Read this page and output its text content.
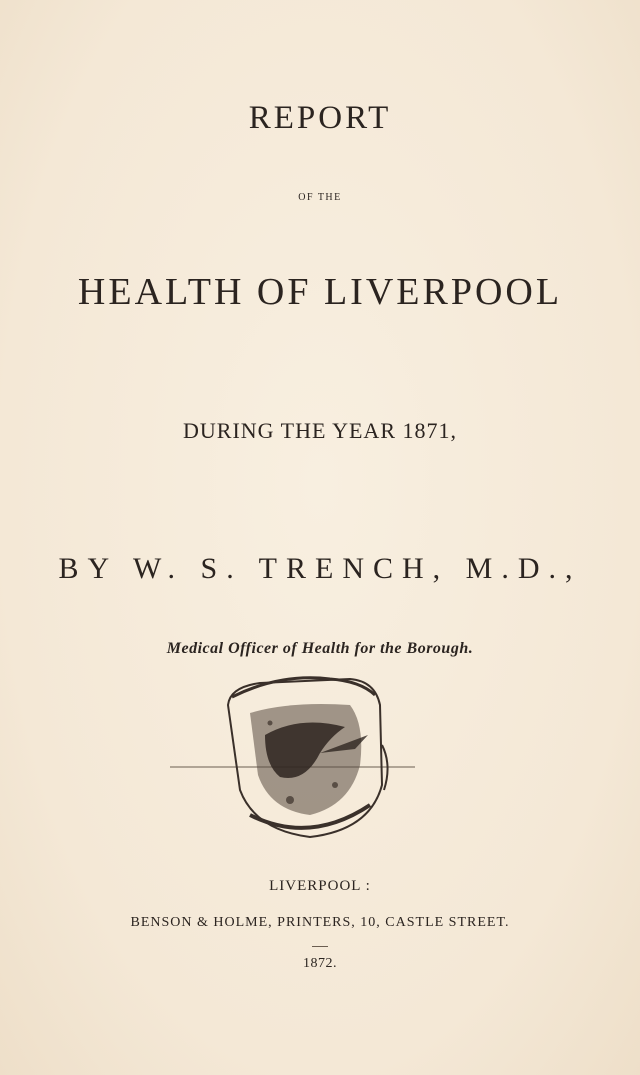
REPORT
OF THE
HEALTH OF LIVERPOOL
DURING THE YEAR 1871,
BY W. S. TRENCH, M.D.,
Medical Officer of Health for the Borough.
LIVERPOOL :
BENSON & HOLME, PRINTERS, 10, CASTLE STREET.
1872.
